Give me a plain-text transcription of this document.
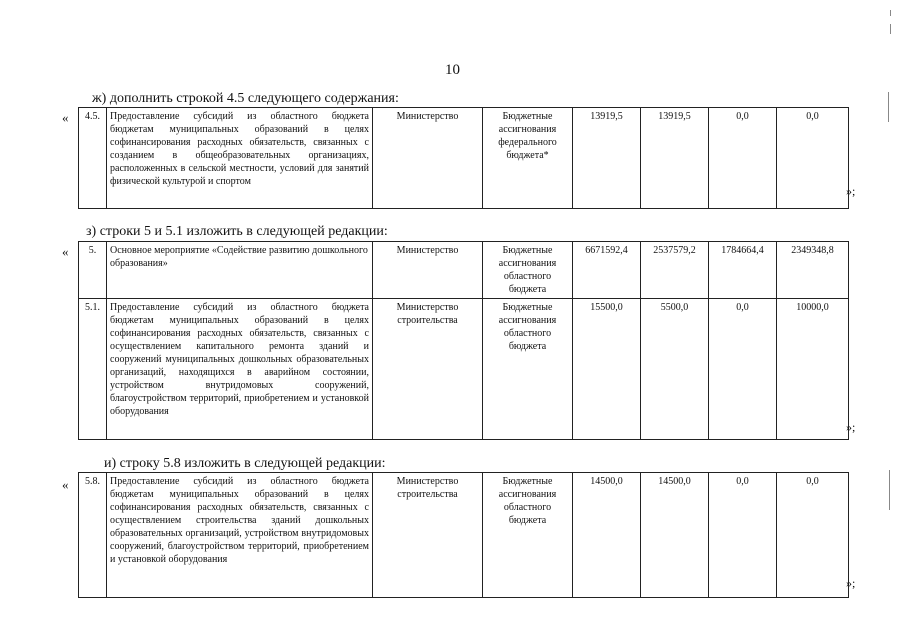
10
ж) дополнить строкой 4.5 следующего содержания:
« 4.5.	Предоставление субсидий из областного бюджета бюджетам муниципальных образований в целях софинансирования расходных обязательств, связанных с созданием в общеобразовательных организациях, расположенных в сельской местности, условий для занятий физической культурой и спортом	Министерство	Бюджетные ассигнования федерального бюджета*	13919,5	13919,5	0,0	0,0
»;
з) строки 5 и 5.1 изложить в следующей редакции:
« 5.	Основное мероприятие «Содействие развитию дошкольного образования»	Министерство	Бюджетные ассигнования областного бюджета	6671592,4	2537579,2	1784664,4	2349348,8
5.1.	Предоставление субсидий из областного бюджета бюджетам муниципальных образований в целях софинансирования расходных обязательств, связанных с осуществлением капитального ремонта зданий и сооружений муниципальных дошкольных образовательных организаций, находящихся в аварийном состоянии, устройством внутридомовых сооружений, благоустройством территорий, приобретением и установкой оборудования	Министерство строительства	Бюджетные ассигнования областного бюджета	15500,0	5500,0	0,0	10000,0
»;
и) строку 5.8 изложить в следующей редакции:
« 5.8.	Предоставление субсидий из областного бюджета бюджетам муниципальных образований в целях софинансирования расходных обязательств, связанных с осуществлением строительства зданий дошкольных образовательных организаций, устройством внутридомовых сооружений, благоустройством территорий, приобретением и установкой оборудования	Министерство строительства	Бюджетные ассигнования областного бюджета	14500,0	14500,0	0,0	0,0
»;
